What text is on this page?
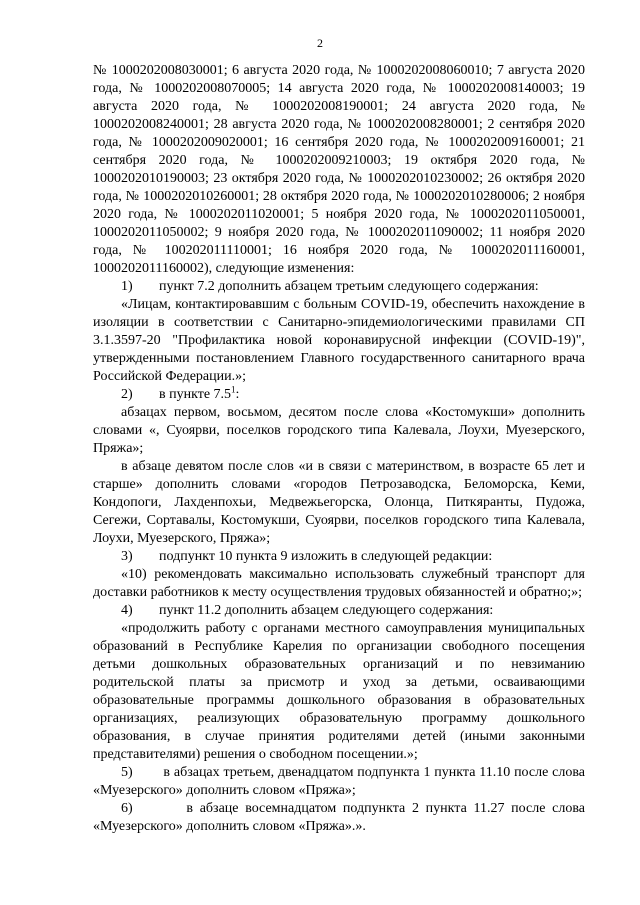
2

№ 1000202008030001; 6 августа 2020 года, № 1000202008060010; 7 августа 2020 года, № 1000202008070005; 14 августа 2020 года, № 1000202008140003; 19 августа 2020 года, № 1000202008190001; 24 августа 2020 года, № 1000202008240001; 28 августа 2020 года, № 1000202008280001; 2 сентября 2020 года, № 1000202009020001; 16 сентября 2020 года, № 1000202009160001; 21 сентября 2020 года, № 1000202009210003; 19 октября 2020 года, № 1000202010190003; 23 октября 2020 года, № 1000202010230002; 26 октября 2020 года, № 1000202010260001; 28 октября 2020 года, № 1000202010280006; 2 ноября 2020 года, № 1000202011020001; 5 ноября 2020 года, № 1000202011050001, 1000202011050002; 9 ноября 2020 года, № 1000202011090002; 11 ноября 2020 года, № 100202011110001; 16 ноября 2020 года, № 1000202011160001, 1000202011160002), следующие изменения:

1)	пункт 7.2 дополнить абзацем третьим следующего содержания:

«Лицам, контактировавшим с больным COVID-19, обеспечить нахождение в изоляции в соответствии с Санитарно-эпидемиологическими правилами СП 3.1.3597-20 "Профилактика новой коронавирусной инфекции (COVID-19)", утвержденными постановлением Главного государственного санитарного врача Российской Федерации.»;

2)	в пункте $7.5^1$:

абзацах первом, восьмом, десятом после слова «Костомукши» дополнить словами «, Суоярви, поселков городского типа Калевала, Лоухи, Муезерского, Пряжа»;

в абзаце девятом после слов «и в связи с материнством, в возрасте 65 лет и старше» дополнить словами «городов Петрозаводска, Беломорска, Кеми, Кондопоги, Лахденпохьи, Медвежьегорска, Олонца, Питкяранты, Пудожа, Сегежи, Сортавалы, Костомукши, Суоярви, поселков городского типа Калевала, Лоухи, Муезерского, Пряжа»;

3)	подпункт 10 пункта 9 изложить в следующей редакции:

«10) рекомендовать максимально использовать служебный транспорт для доставки работников к месту осуществления трудовых обязанностей и обратно;»;

4)	пункт 11.2 дополнить абзацем следующего содержания:

«продолжить работу с органами местного самоуправления муниципальных образований в Республике Карелия по организации свободного посещения детьми дошкольных образовательных организаций и по невзиманию родительской платы за присмотр и уход за детьми, осваивающими образовательные программы дошкольного образования в образовательных организациях, реализующих образовательную программу дошкольного образования, в случае принятия родителями детей (иными законными представителями) решения о свободном посещении.»;

5) в абзацах третьем, двенадцатом подпункта 1 пункта 11.10 после слова «Муезерского» дополнить словом «Пряжа»;

6)	в абзаце восемнадцатом подпункта 2 пункта 11.27 после слова «Муезерского» дополнить словом «Пряжа».».
